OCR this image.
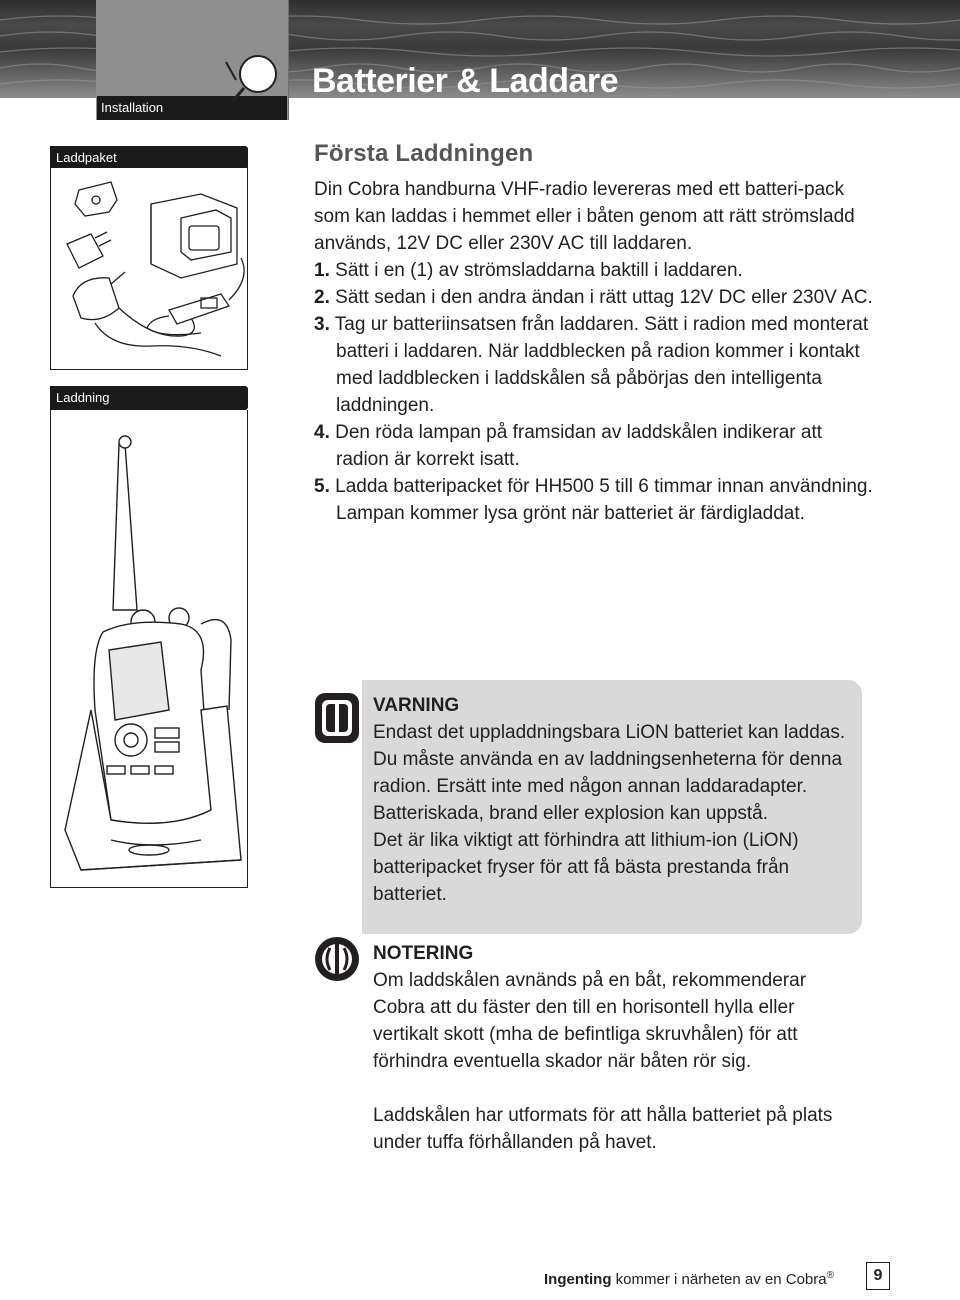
Installation
Batterier & Laddare
Laddpaket
Laddning
Första Laddningen

Din Cobra handburna VHF-radio levereras med ett batteri-pack som kan laddas i hemmet eller i båten genom att rätt strömsladd används, 12V DC eller 230V AC till laddaren.

1. Sätt i en (1) av strömsladdarna baktill i laddaren.
2. Sätt sedan i den andra ändan i rätt uttag 12V DC eller 230V AC.
3. Tag ur batteriinsatsen från laddaren. Sätt i radion med monterat batteri i laddaren. När laddblecken på radion kommer i kontakt med laddblecken i laddskålen så påbörjas den intelligenta laddningen.
4. Den röda lampan på framsidan av laddskålen indikerar att radion är korrekt isatt.
5. Ladda batteripacket för HH500 5 till 6 timmar innan användning.

Lampan kommer lysa grönt när batteriet är färdigladdat.

VARNING

Endast det uppladdningsbara LiON batteriet kan laddas.

Du måste använda en av laddningsenheterna för denna radion. Ersätt inte med någon annan laddaradapter.

Batteriskada, brand eller explosion kan uppstå.

Det är lika viktigt att förhindra att lithium-ion (LiON) batteripacket fryser för att få bästa prestanda från batteriet.

NOTERING

Om laddskålen avnänds på en båt, rekommenderar Cobra att du fäster den till en horisontell hylla eller vertikalt skott (mha de befintliga skruvhålen) för att förhindra eventuella skador när båten rör sig.

Laddskålen har utformats för att hålla batteriet på plats under tuffa förhållanden på havet.

Ingenting kommer i närheten av en Cobra®	9
